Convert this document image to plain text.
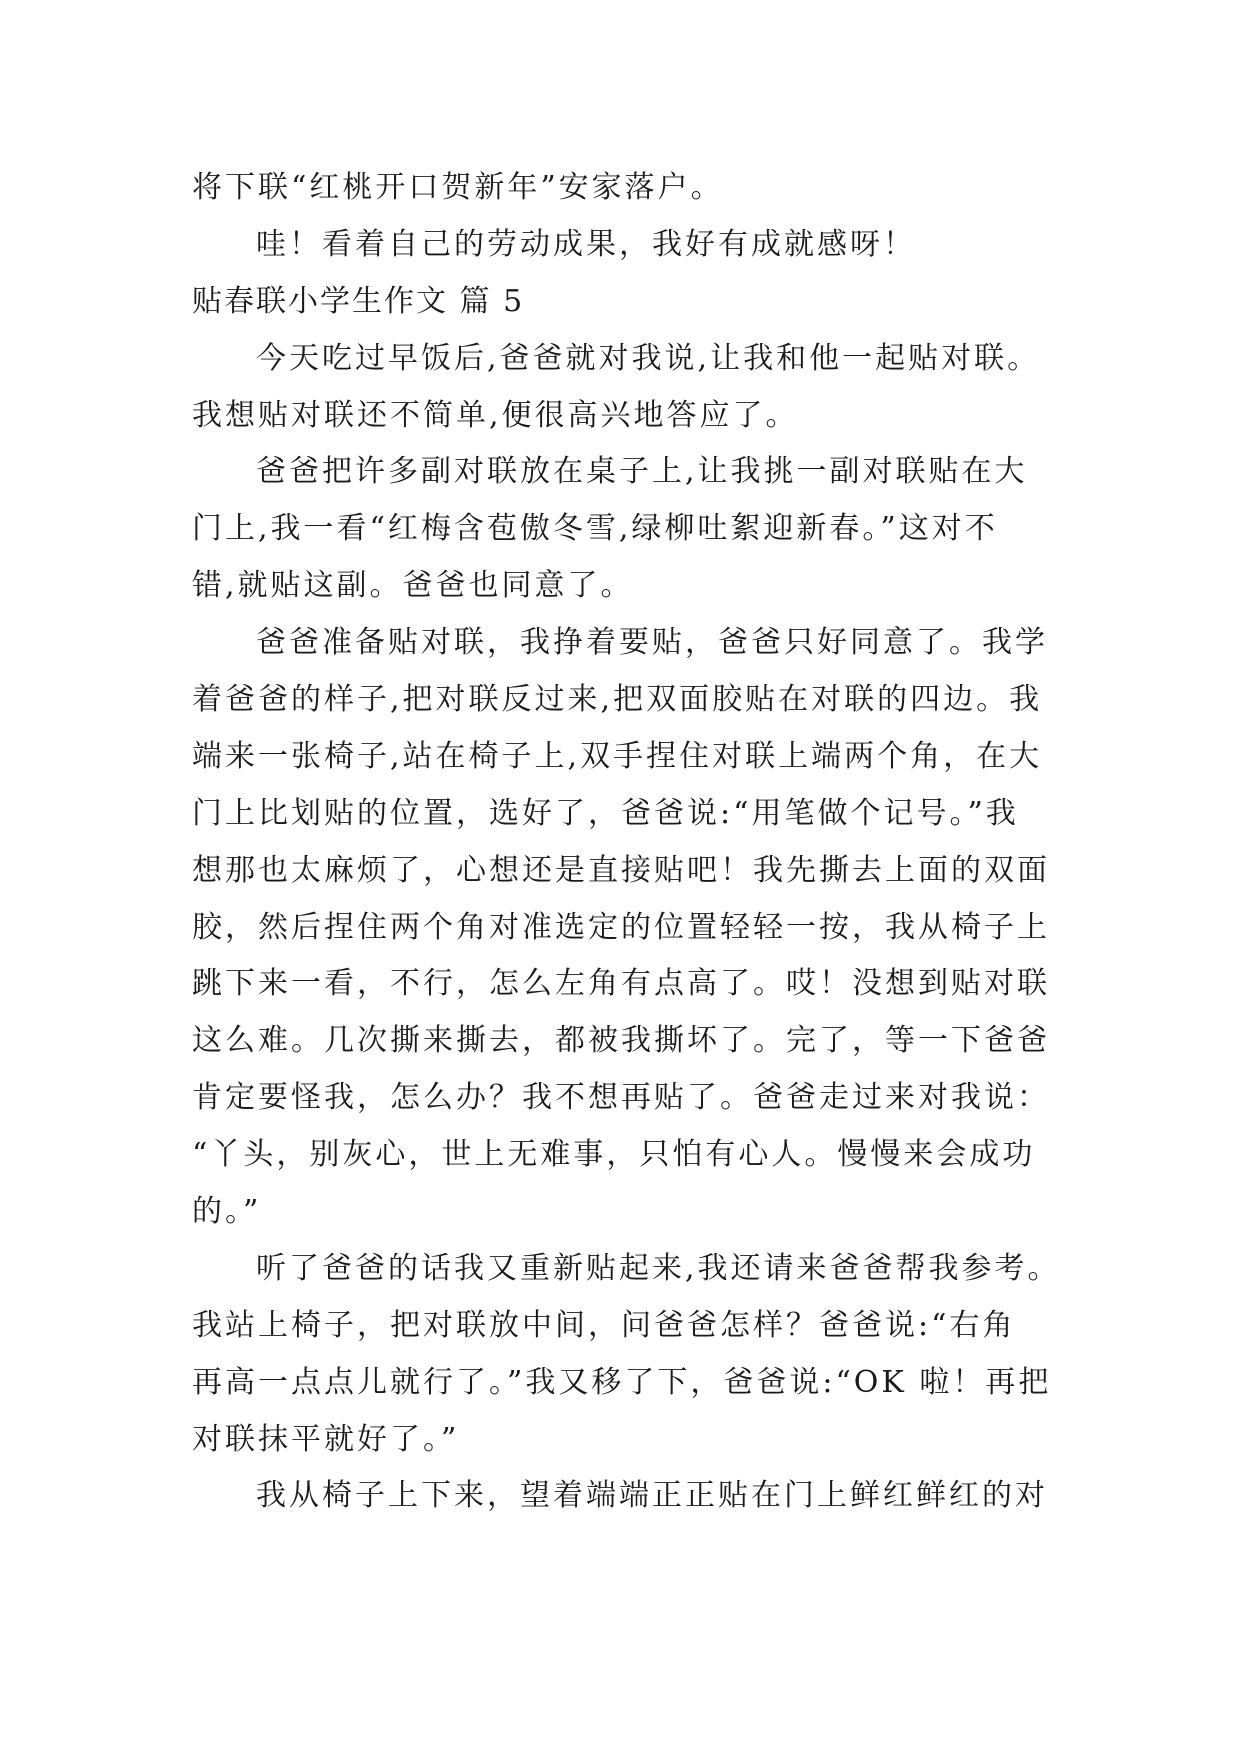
将下联“红桃开口贺新年”安家落户。
哇！看着自己的劳动成果，我好有成就感呀！
贴春联小学生作文 篇 5
今天吃过早饭后,爸爸就对我说,让我和他一起贴对联。
我想贴对联还不简单,便很高兴地答应了。
爸爸把许多副对联放在桌子上,让我挑一副对联贴在大
门上,我一看“红梅含苞傲冬雪,绿柳吐絮迎新春。”这对不
错,就贴这副。爸爸也同意了。
爸爸准备贴对联，我挣着要贴，爸爸只好同意了。我学
着爸爸的样子,把对联反过来,把双面胶贴在对联的四边。我
端来一张椅子,站在椅子上,双手捏住对联上端两个角，在大
门上比划贴的位置，选好了，爸爸说:“用笔做个记号。”我
想那也太麻烦了，心想还是直接贴吧！我先撕去上面的双面
胶，然后捏住两个角对准选定的位置轻轻一按，我从椅子上
跳下来一看，不行，怎么左角有点高了。哎！没想到贴对联
这么难。几次撕来撕去，都被我撕坏了。完了，等一下爸爸
肯定要怪我，怎么办？我不想再贴了。爸爸走过来对我说：
“丫头，别灰心，世上无难事，只怕有心人。慢慢来会成功
的。”
听了爸爸的话我又重新贴起来,我还请来爸爸帮我参考。
我站上椅子，把对联放中间，问爸爸怎样？爸爸说:“右角
再高一点点儿就行了。”我又移了下，爸爸说:“OK 啦！再把
对联抹平就好了。”
我从椅子上下来，望着端端正正贴在门上鲜红鲜红的对
